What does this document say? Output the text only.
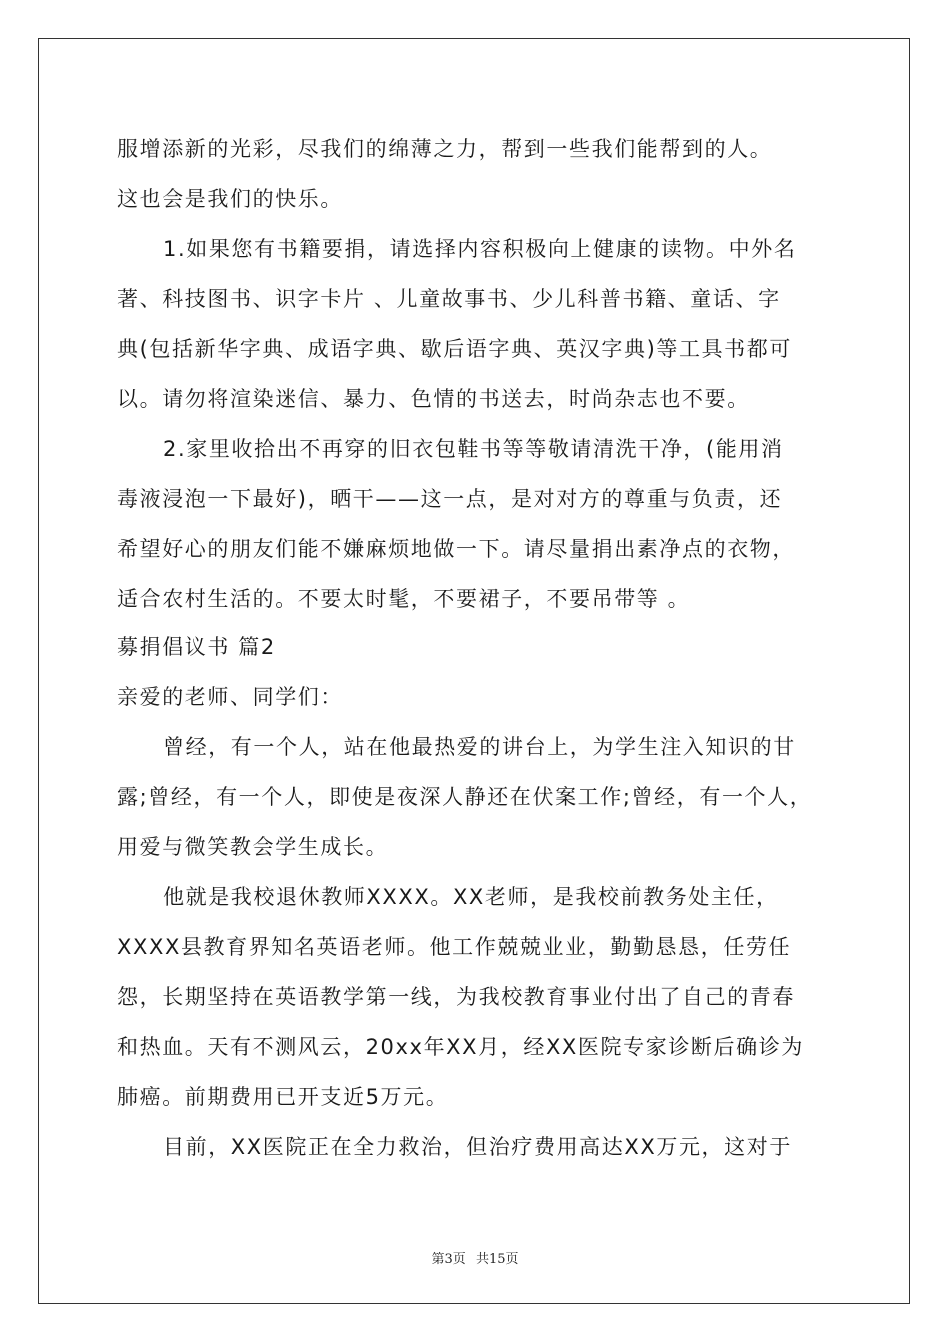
服增添新的光彩，尽我们的绵薄之力，帮到一些我们能帮到的人。
这也会是我们的快乐。
1.如果您有书籍要捐，请选择内容积极向上健康的读物。中外名
著、科技图书、识字卡片 、儿童故事书、少儿科普书籍、童话、字
典(包括新华字典、成语字典、歇后语字典、英汉字典)等工具书都可
以。请勿将渲染迷信、暴力、色情的书送去，时尚杂志也不要。
2.家里收拾出不再穿的旧衣包鞋书等等敬请清洗干净，(能用消
毒液浸泡一下最好)，晒干——这一点，是对对方的尊重与负责，还
希望好心的朋友们能不嫌麻烦地做一下。请尽量捐出素净点的衣物，
适合农村生活的。不要太时髦，不要裙子，不要吊带等 。
募捐倡议书 篇2
亲爱的老师、同学们：
曾经，有一个人，站在他最热爱的讲台上，为学生注入知识的甘
露;曾经，有一个人，即使是夜深人静还在伏案工作;曾经，有一个人，
用爱与微笑教会学生成长。
他就是我校退休教师XXXX。XX老师，是我校前教务处主任，
XXXX县教育界知名英语老师。他工作兢兢业业，勤勤恳恳，任劳任
怨，长期坚持在英语教学第一线，为我校教育事业付出了自己的青春
和热血。天有不测风云，20xx年XX月，经XX医院专家诊断后确诊为
肺癌。前期费用已开支近5万元。
目前，XX医院正在全力救治，但治疗费用高达XX万元，这对于
第3页 共15页
